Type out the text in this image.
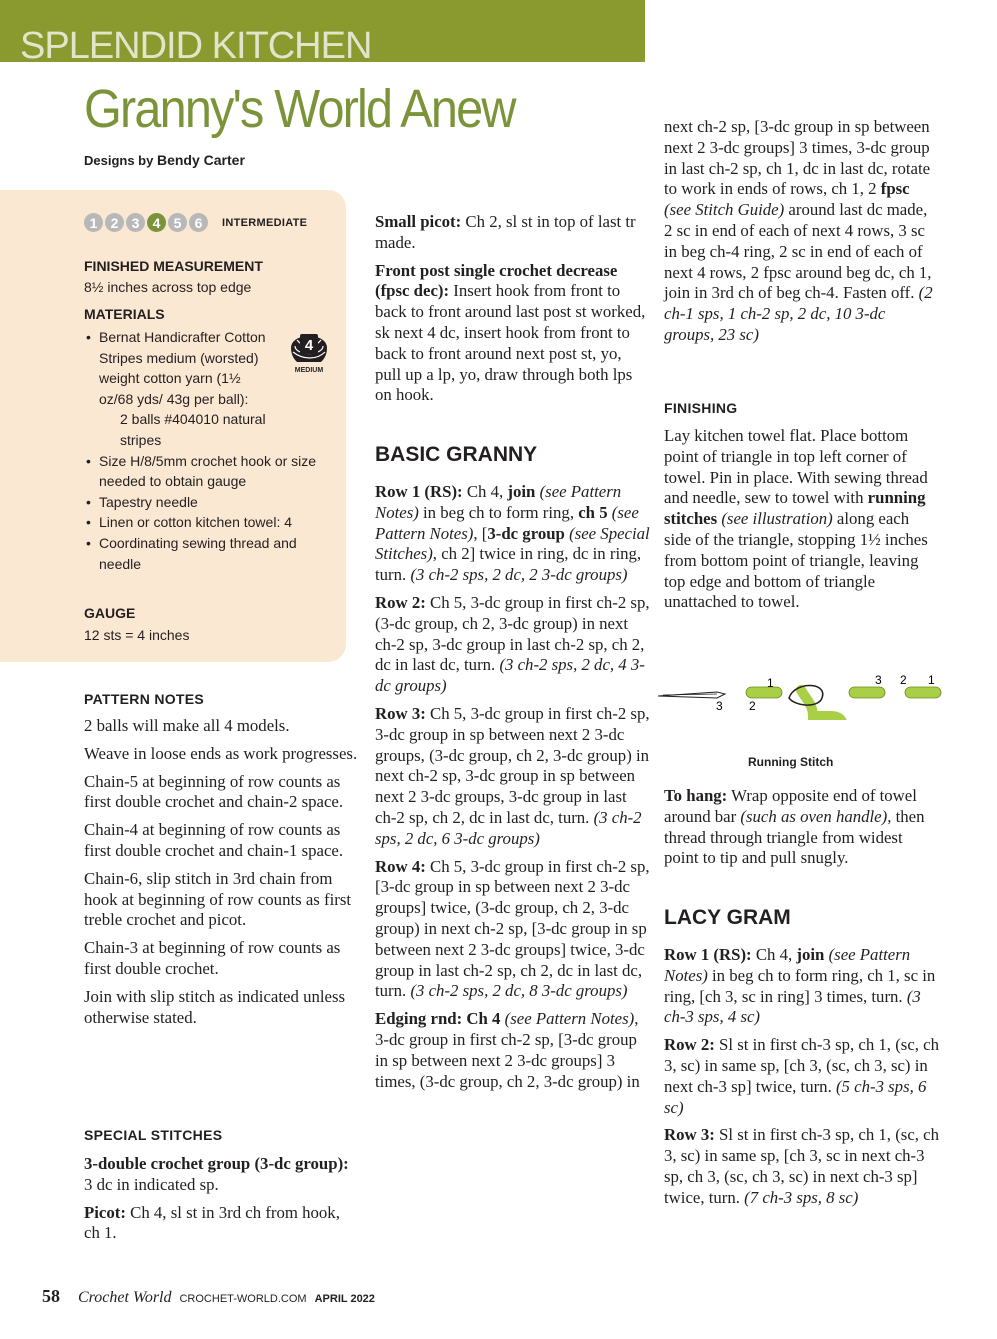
SPLENDID KITCHEN
Granny's World Anew
Designs by Bendy Carter
1 2 3 4 5 6	INTERMEDIATE
FINISHED MEASUREMENT
8½ inches across top edge
MATERIALS
• Bernat Handicrafter Cotton Stripes medium (worsted) weight cotton yarn (1½ oz/68 yds/ 43g per ball):
2 balls #404010 natural stripes
• Size H/8/5mm crochet hook or size needed to obtain gauge
• Tapestry needle
• Linen or cotton kitchen towel: 4
• Coordinating sewing thread and needle
4
MEDIUM
GAUGE
12 sts = 4 inches
PATTERN NOTES

2 balls will make all 4 models.

Weave in loose ends as work progresses.

Chain-5 at beginning of row counts as first double crochet and chain-2 space.

Chain-4 at beginning of row counts as first double crochet and chain-1 space.

Chain-6, slip stitch in 3rd chain from hook at beginning of row counts as first treble crochet and picot.

Chain-3 at beginning of row counts as first double crochet.

Join with slip stitch as indicated unless otherwise stated.

SPECIAL STITCHES

3-double crochet group (3-dc group): 3 dc in indicated sp.

Picot: Ch 4, sl st in 3rd ch from hook, ch 1.

Small picot: Ch 2, sl st in top of last tr made.

Front post single crochet decrease (fpsc dec): Insert hook from front to back to front around last post st worked, sk next 4 dc, insert hook from front to back to front around next post st, yo, pull up a lp, yo, draw through both lps on hook.

BASIC GRANNY

Row 1 (RS): Ch 4, join (see Pattern Notes) in beg ch to form ring, ch 5 (see Pattern Notes), [3-dc group (see Special Stitches), ch 2] twice in ring, dc in ring, turn. (3 ch-2 sps, 2 dc, 2 3-dc groups)

Row 2: Ch 5, 3-dc group in first ch-2 sp, (3-dc group, ch 2, 3-dc group) in next ch-2 sp, 3-dc group in last ch-2 sp, ch 2, dc in last dc, turn. (3 ch-2 sps, 2 dc, 4 3-dc groups)

Row 3: Ch 5, 3-dc group in first ch-2 sp, 3-dc group in sp between next 2 3-dc groups, (3-dc group, ch 2, 3-dc group) in next ch-2 sp, 3-dc group in sp between next 2 3-dc groups, 3-dc group in last ch-2 sp, ch 2, dc in last dc, turn. (3 ch-2 sps, 2 dc, 6 3-dc groups)

Row 4: Ch 5, 3-dc group in first ch-2 sp, [3-dc group in sp between next 2 3-dc groups] twice, (3-dc group, ch 2, 3-dc group) in next ch-2 sp, [3-dc group in sp between next 2 3-dc groups] twice, 3-dc group in last ch-2 sp, ch 2, dc in last dc, turn. (3 ch-2 sps, 2 dc, 8 3-dc groups)

Edging rnd: Ch 4 (see Pattern Notes), 3-dc group in first ch-2 sp, [3-dc group in sp between next 2 3-dc groups] 3 times, (3-dc group, ch 2, 3-dc group) in

next ch-2 sp, [3-dc group in sp between next 2 3-dc groups] 3 times, 3-dc group in last ch-2 sp, ch 1, dc in last dc, rotate to work in ends of rows, ch 1, 2 fpsc (see Stitch Guide) around last dc made, 2 sc in end of each of next 4 rows, 3 sc in beg ch-4 ring, 2 sc in end of each of next 4 rows, 2 fpsc around beg dc, ch 1, join in 3rd ch of beg ch-4. Fasten off. (2 ch-1 sps, 1 ch-2 sp, 2 dc, 10 3-dc groups, 23 sc)

FINISHING

Lay kitchen towel flat. Place bottom point of triangle in top left corner of towel. Pin in place. With sewing thread and needle, sew to towel with running stitches (see illustration) along each side of the triangle, stopping 1½ inches from bottom point of triangle, leaving top edge and bottom of triangle unattached to towel.

1	3 2
3 2
1
Running Stitch

To hang: Wrap opposite end of towel around bar (such as oven handle), then thread through triangle from widest point to tip and pull snugly.

LACY GRAM

Row 1 (RS): Ch 4, join (see Pattern Notes) in beg ch to form ring, ch 1, sc in ring, [ch 3, sc in ring] 3 times, turn. (3 ch-3 sps, 4 sc)

Row 2: Sl st in first ch-3 sp, ch 1, (sc, ch 3, sc) in same sp, [ch 3, (sc, ch 3, sc) in next ch-3 sp] twice, turn. (5 ch-3 sps, 6 sc)

Row 3: Sl st in first ch-3 sp, ch 1, (sc, ch 3, sc) in same sp, [ch 3, sc in next ch-3 sp, ch 3, (sc, ch 3, sc) in next ch-3 sp] twice, turn. (7 ch-3 sps, 8 sc)

58 Crochet World CROCHET-WORLD.COM APRIL 2022
